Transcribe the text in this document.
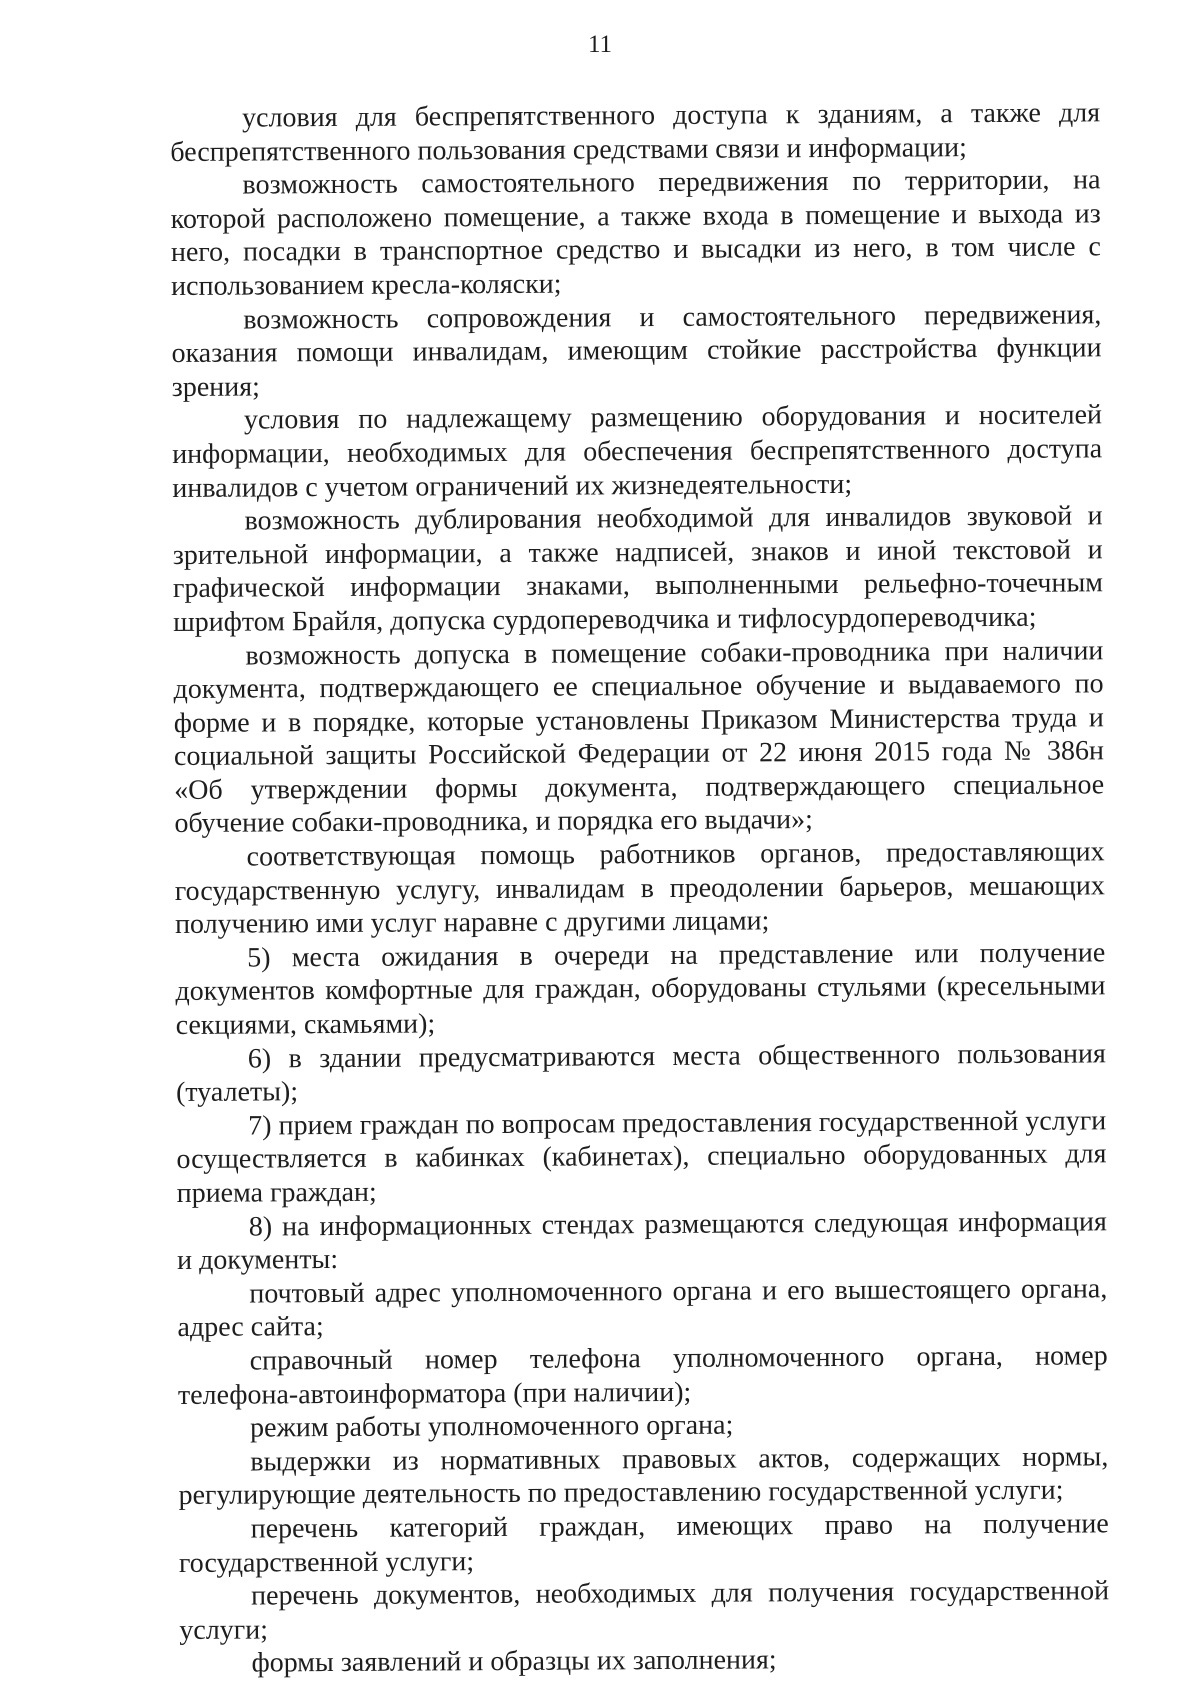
11

условия для беспрепятственного доступа к зданиям, а также для беспрепятственного пользования средствами связи и информации;

возможность самостоятельного передвижения по территории, на которой расположено помещение, а также входа в помещение и выхода из него, посадки в транспортное средство и высадки из него, в том числе с использованием кресла-коляски;

возможность сопровождения и самостоятельного передвижения, оказания помощи инвалидам, имеющим стойкие расстройства функции зрения;

условия по надлежащему размещению оборудования и носителей информации, необходимых для обеспечения беспрепятственного доступа инвалидов с учетом ограничений их жизнедеятельности;

возможность дублирования необходимой для инвалидов звуковой и зрительной информации, а также надписей, знаков и иной текстовой и графической информации знаками, выполненными рельефно-точечным шрифтом Брайля, допуска сурдопереводчика и тифлосурдопереводчика;

возможность допуска в помещение собаки-проводника при наличии документа, подтверждающего ее специальное обучение и выдаваемого по форме и в порядке, которые установлены Приказом Министерства труда и социальной защиты Российской Федерации от 22 июня 2015 года № 386н «Об утверждении формы документа, подтверждающего специальное обучение собаки-проводника, и порядка его выдачи»;

соответствующая помощь работников органов, предоставляющих государственную услугу, инвалидам в преодолении барьеров, мешающих получению ими услуг наравне с другими лицами;

5) места ожидания в очереди на представление или получение документов комфортные для граждан, оборудованы стульями (кресельными секциями, скамьями);

6) в здании предусматриваются места общественного пользования (туалеты);

7) прием граждан по вопросам предоставления государственной услуги осуществляется в кабинках (кабинетах), специально оборудованных для приема граждан;

8) на информационных стендах размещаются следующая информация и документы:

почтовый адрес уполномоченного органа и его вышестоящего органа, адрес сайта;

справочный номер телефона уполномоченного органа, номер телефона-автоинформатора (при наличии);

режим работы уполномоченного органа;

выдержки из нормативных правовых актов, содержащих нормы, регулирующие деятельность по предоставлению государственной услуги;

перечень категорий граждан, имеющих право на получение государственной услуги;

перечень документов, необходимых для получения государственной услуги;

формы заявлений и образцы их заполнения;
